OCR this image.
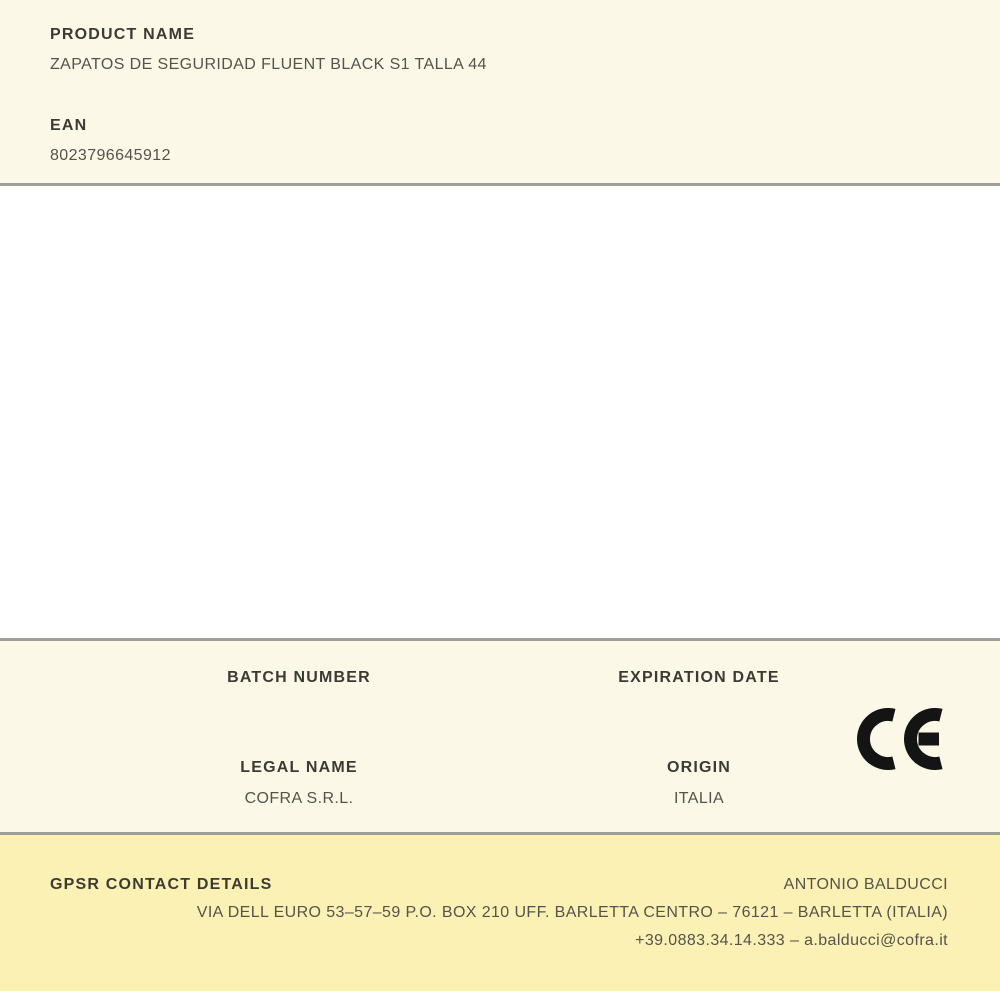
PRODUCT NAME
ZAPATOS DE SEGURIDAD FLUENT BLACK S1 TALLA 44
EAN
8023796645912
BATCH NUMBER
LEGAL NAME
COFRA S.R.L.
EXPIRATION DATE
ORIGIN
ITALIA
GPSR CONTACT DETAILS	ANTONIO BALDUCCI
VIA DELL EURO 53–57–59 P.O. BOX 210 UFF. BARLETTA CENTRO – 76121 – BARLETTA (ITALIA)
+39.0883.34.14.333 – a.balducci@cofra.it
